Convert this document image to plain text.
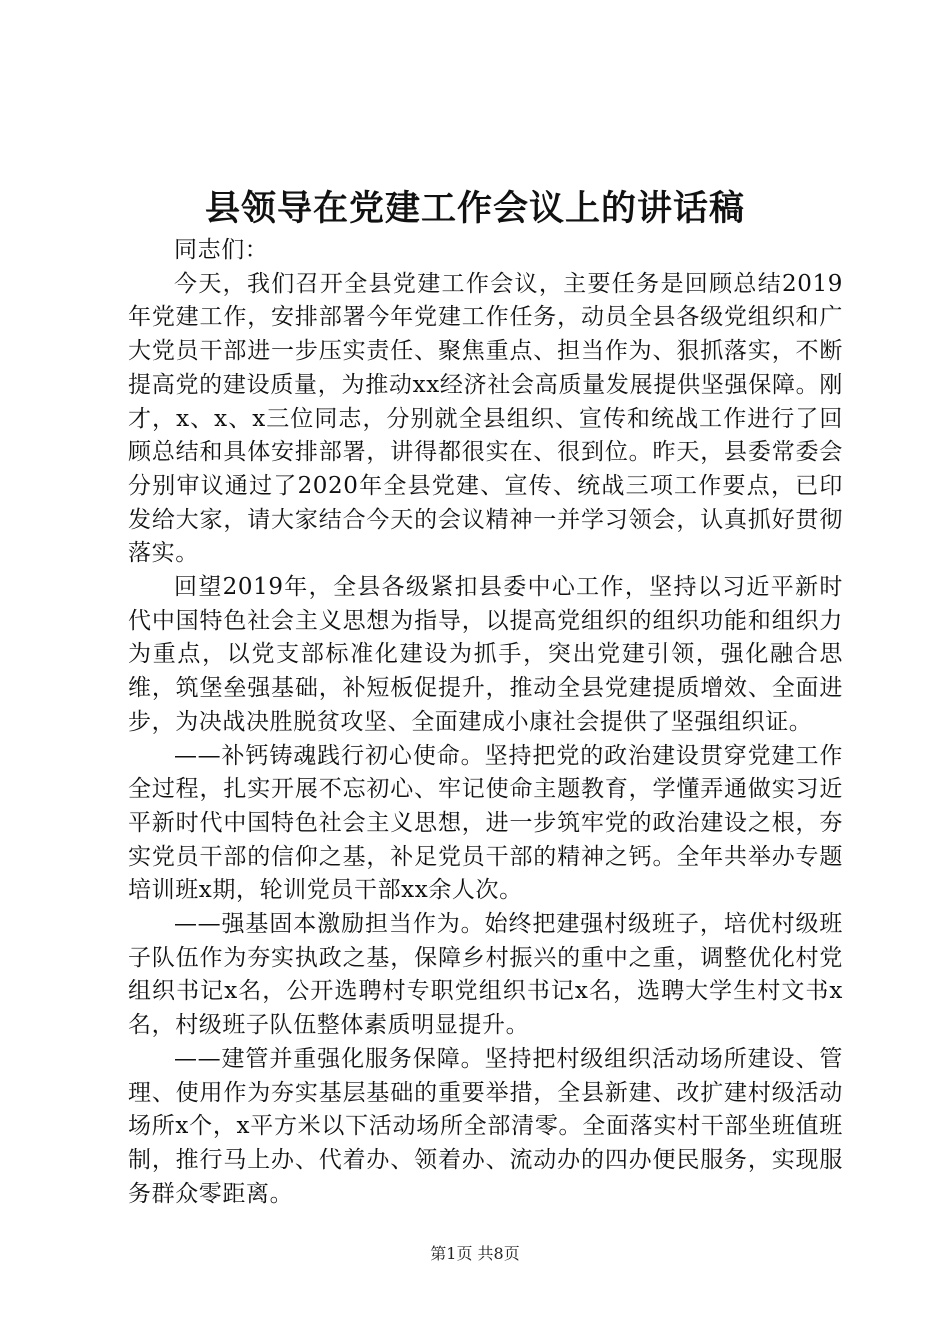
县领导在党建工作会议上的讲话稿

同志们：

今天，我们召开全县党建工作会议，主要任务是回顾总结2019年党建工作，安排部署今年党建工作任务，动员全县各级党组织和广大党员干部进一步压实责任、聚焦重点、担当作为、狠抓落实，不断提高党的建设质量，为推动xx经济社会高质量发展提供坚强保障。刚才，x、x、x三位同志，分别就全县组织、宣传和统战工作进行了回顾总结和具体安排部署，讲得都很实在、很到位。昨天，县委常委会分别审议通过了2020年全县党建、宣传、统战三项工作要点，已印发给大家，请大家结合今天的会议精神一并学习领会，认真抓好贯彻落实。

回望2019年，全县各级紧扣县委中心工作，坚持以习近平新时代中国特色社会主义思想为指导，以提高党组织的组织功能和组织力为重点，以党支部标准化建设为抓手，突出党建引领，强化融合思维，筑堡垒强基础，补短板促提升，推动全县党建提质增效、全面进步，为决战决胜脱贫攻坚、全面建成小康社会提供了坚强组织证。

——补钙铸魂践行初心使命。坚持把党的政治建设贯穿党建工作全过程，扎实开展不忘初心、牢记使命主题教育，学懂弄通做实习近平新时代中国特色社会主义思想，进一步筑牢党的政治建设之根，夯实党员干部的信仰之基，补足党员干部的精神之钙。全年共举办专题培训班x期，轮训党员干部xx余人次。

——强基固本激励担当作为。始终把建强村级班子，培优村级班子队伍作为夯实执政之基，保障乡村振兴的重中之重，调整优化村党组织书记x名，公开选聘村专职党组织书记x名，选聘大学生村文书x名，村级班子队伍整体素质明显提升。

——建管并重强化服务保障。坚持把村级组织活动场所建设、管理、使用作为夯实基层基础的重要举措，全县新建、改扩建村级活动场所x个，x平方米以下活动场所全部清零。全面落实村干部坐班值班制，推行马上办、代着办、领着办、流动办的四办便民服务，实现服务群众零距离。

第1页 共8页
